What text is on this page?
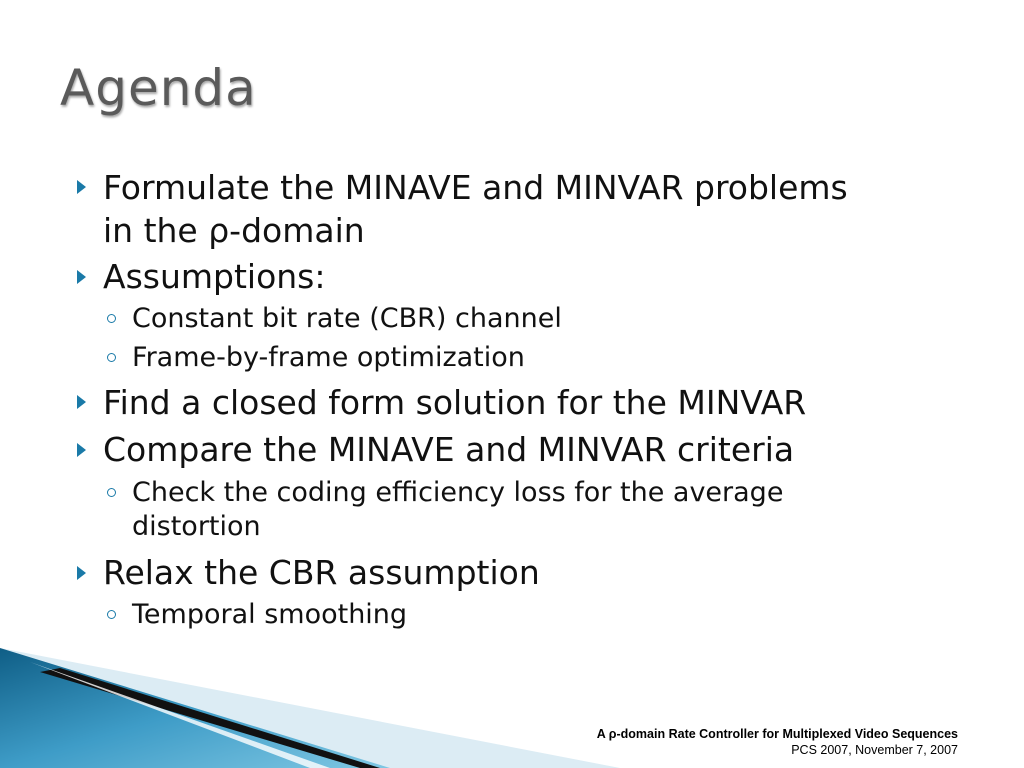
Agenda
Formulate the MINAVE and MINVAR problems
in the ρ-domain
Assumptions:
Constant bit rate (CBR) channel
Frame-by-frame optimization
Find a closed form solution for the MINVAR
Compare the MINAVE and MINVAR criteria
Check the coding efficiency loss for the average
distortion
Relax the CBR assumption
Temporal smoothing
A ρ-domain Rate Controller for Multiplexed Video Sequences
PCS 2007, November 7, 2007
